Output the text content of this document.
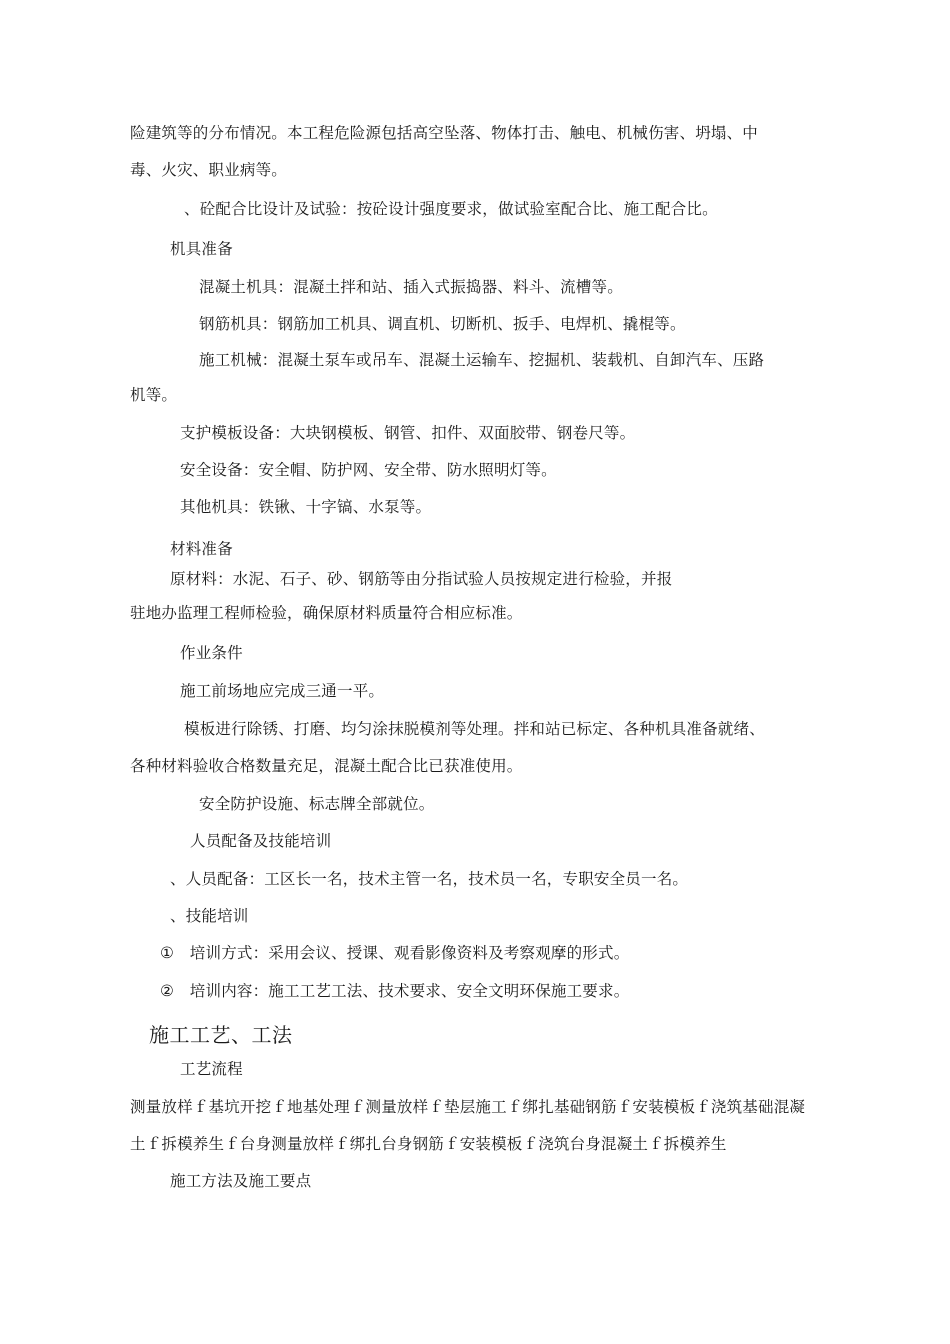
险建筑等的分布情况。本工程危险源包括高空坠落、物体打击、触电、机械伤害、坍塌、中
毒、火灾、职业病等。
、砼配合比设计及试验：按砼设计强度要求，做试验室配合比、施工配合比。
机具准备
混凝土机具：混凝土拌和站、插入式振捣器、料斗、流槽等。
钢筋机具：钢筋加工机具、调直机、切断机、扳手、电焊机、撬棍等。
施工机械：混凝土泵车或吊车、混凝土运输车、挖掘机、装载机、自卸汽车、压路
机等。
支护模板设备：大块钢模板、钢管、扣件、双面胶带、钢卷尺等。
安全设备：安全帽、防护网、安全带、防水照明灯等。
其他机具：铁锹、十字镐、水泵等。
材料准备
原材料：水泥、石子、砂、钢筋等由分指试验人员按规定进行检验，并报
驻地办监理工程师检验，确保原材料质量符合相应标准。
作业条件
施工前场地应完成三通一平。
模板进行除锈、打磨、均匀涂抹脱模剂等处理。拌和站已标定、各种机具准备就绪、
各种材料验收合格数量充足，混凝土配合比已获准使用。
安全防护设施、标志牌全部就位。
人员配备及技能培训
、人员配备：工区长一名，技术主管一名，技术员一名，专职安全员一名。
、技能培训
①　培训方式：采用会议、授课、观看影像资料及考察观摩的形式。
②　培训内容：施工工艺工法、技术要求、安全文明环保施工要求。
施工工艺、工法
工艺流程
测量放样ｆ基坑开挖ｆ地基处理ｆ测量放样ｆ垫层施工ｆ绑扎基础钢筋ｆ安装模板ｆ浇筑基础混凝
土ｆ拆模养生ｆ台身测量放样ｆ绑扎台身钢筋ｆ安装模板ｆ浇筑台身混凝土ｆ拆模养生
施工方法及施工要点
